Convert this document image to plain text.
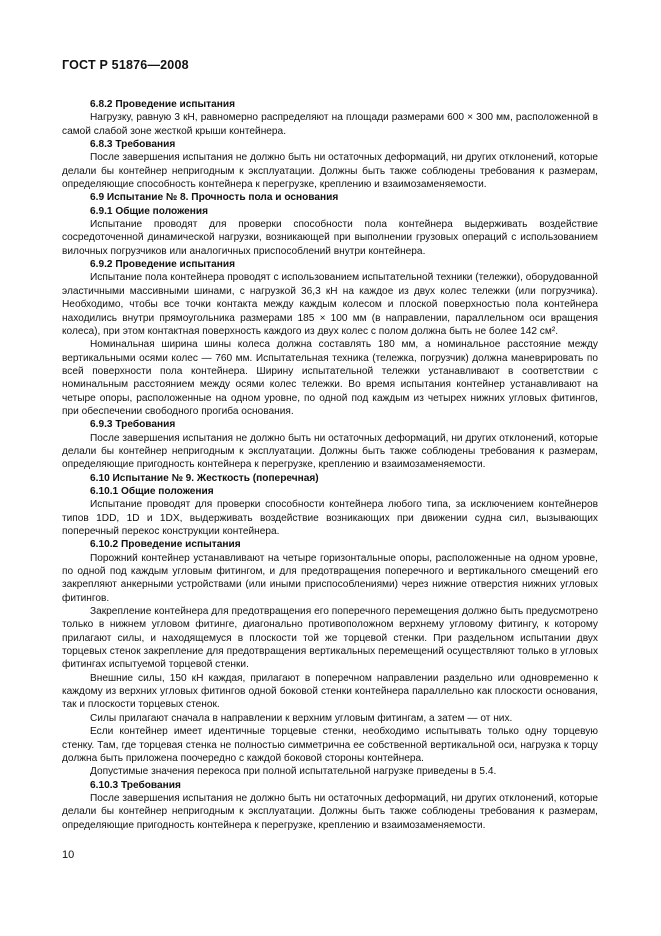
ГОСТ Р 51876—2008

6.8.2 Проведение испытания

Нагрузку, равную 3 кН, равномерно распределяют на площади размерами 600 × 300 мм, расположенной в самой слабой зоне жесткой крыши контейнера.

6.8.3 Требования

После завершения испытания не должно быть ни остаточных деформаций, ни других отклонений, которые делали бы контейнер непригодным к эксплуатации. Должны быть также соблюдены требования к размерам, определяющие способность контейнера к перегрузке, креплению и взаимозаменяемости.

6.9 Испытание № 8. Прочность пола и основания

6.9.1 Общие положения

Испытание проводят для проверки способности пола контейнера выдерживать воздействие сосредоточенной динамической нагрузки, возникающей при выполнении грузовых операций с использованием вилочных погрузчиков или аналогичных приспособлений внутри контейнера.

6.9.2 Проведение испытания

Испытание пола контейнера проводят с использованием испытательной техники (тележки), оборудованной эластичными массивными шинами, с нагрузкой 36,3 кН на каждое из двух колес тележки (или погрузчика). Необходимо, чтобы все точки контакта между каждым колесом и плоской поверхностью пола контейнера находились внутри прямоугольника размерами 185 × 100 мм (в направлении, параллельном оси вращения колеса), при этом контактная поверхность каждого из двух колес с полом должна быть не более 142 см².

Номинальная ширина шины колеса должна составлять 180 мм, а номинальное расстояние между вертикальными осями колес — 760 мм. Испытательная техника (тележка, погрузчик) должна маневрировать по всей поверхности пола контейнера. Ширину испытательной тележки устанавливают в соответствии с номинальным расстоянием между осями колес тележки. Во время испытания контейнер устанавливают на четыре опоры, расположенные на одном уровне, по одной под каждым из четырех нижних угловых фитингов, при обеспечении свободного прогиба основания.

6.9.3 Требования

После завершения испытания не должно быть ни остаточных деформаций, ни других отклонений, которые делали бы контейнер непригодным к эксплуатации. Должны быть также соблюдены требования к размерам, определяющие пригодность контейнера к перегрузке, креплению и взаимозаменяемости.

6.10 Испытание № 9. Жесткость (поперечная)

6.10.1 Общие положения

Испытание проводят для проверки способности контейнера любого типа, за исключением контейнеров типов 1DD, 1D и 1DX, выдерживать воздействие возникающих при движении судна сил, вызывающих поперечный перекос конструкции контейнера.

6.10.2 Проведение испытания

Порожний контейнер устанавливают на четыре горизонтальные опоры, расположенные на одном уровне, по одной под каждым угловым фитингом, и для предотвращения поперечного и вертикального смещений его закрепляют анкерными устройствами (или иными приспособлениями) через нижние отверстия нижних угловых фитингов.

Закрепление контейнера для предотвращения его поперечного перемещения должно быть предусмотрено только в нижнем угловом фитинге, диагонально противоположном верхнему угловому фитингу, к которому прилагают силы, и находящемуся в плоскости той же торцевой стенки. При раздельном испытании двух торцевых стенок закрепление для предотвращения вертикальных перемещений осуществляют только в угловых фитингах испытуемой торцевой стенки.

Внешние силы, 150 кН каждая, прилагают в поперечном направлении раздельно или одновременно к каждому из верхних угловых фитингов одной боковой стенки контейнера параллельно как плоскости основания, так и плоскости торцевых стенок.

Силы прилагают сначала в направлении к верхним угловым фитингам, а затем — от них.

Если контейнер имеет идентичные торцевые стенки, необходимо испытывать только одну торцевую стенку. Там, где торцевая стенка не полностью симметрична ее собственной вертикальной оси, нагрузка к торцу должна быть приложена поочередно с каждой боковой стороны контейнера.

Допустимые значения перекоса при полной испытательной нагрузке приведены в 5.4.

6.10.3 Требования

После завершения испытания не должно быть ни остаточных деформаций, ни других отклонений, которые делали бы контейнер непригодным к эксплуатации. Должны быть также соблюдены требования к размерам, определяющие пригодность контейнера к перегрузке, креплению и взаимозаменяемости.

10
